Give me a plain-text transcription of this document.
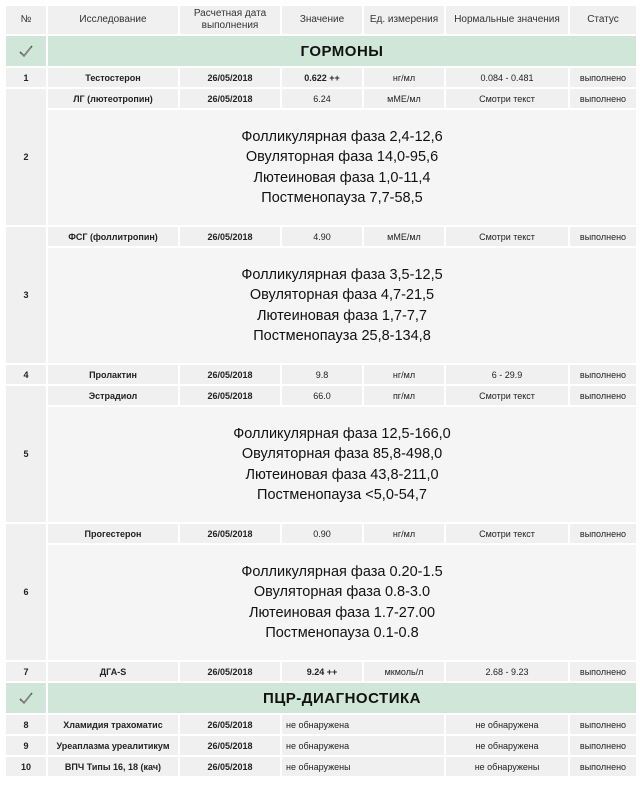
№	Исследование	Расчетная дата выполнения	Значение	Ед. измерения	Нормальные значения	Статус
	ГОРМОНЫ					
1	Тестостерон	26/05/2018	0.622 ++	нг/мл	0.084 - 0.481	выполнено
2	ЛГ (лютеотропин)	26/05/2018	6.24	мМЕ/мл	Смотри текст	выполнено

	Фолликулярная фаза 2,4-12,6
Овуляторная фаза 14,0-95,6
Лютеиновая фаза 1,0-11,4
Постменопауза 7,7-58,5					

3	ФСГ (фоллитропин)	26/05/2018	4.90	мМЕ/мл	Смотри текст	выполнено

	Фолликулярная фаза 3,5-12,5
Овуляторная фаза 4,7-21,5
Лютеиновая фаза 1,7-7,7
Постменопауза 25,8-134,8					

4	Пролактин	26/05/2018	9.8	нг/мл	6 - 29.9	выполнено
5	Эстрадиол	26/05/2018	66.0	пг/мл	Смотри текст	выполнено

	Фолликулярная фаза 12,5-166,0
Овуляторная фаза 85,8-498,0
Лютеиновая фаза 43,8-211,0
Постменопауза <5,0-54,7					

6	Прогестерон	26/05/2018	0.90	нг/мл	Смотри текст	выполнено

	Фолликулярная фаза 0.20-1.5
Овуляторная фаза 0.8-3.0
Лютеиновая фаза 1.7-27.00
Постменопауза 0.1-0.8					

7	ДГА-S	26/05/2018	9.24 ++	мкмоль/л	2.68 - 9.23	выполнено
	ПЦР-ДИАГНОСТИКА					
8	Хламидия трахоматис	26/05/2018	не обнаружена		не обнаружена	выполнено
9	Уреаплазма уреалитикум	26/05/2018	не обнаружена		не обнаружена	выполнено
10	ВПЧ Типы 16, 18 (кач)	26/05/2018	не обнаружены		не обнаружены	выполнено
